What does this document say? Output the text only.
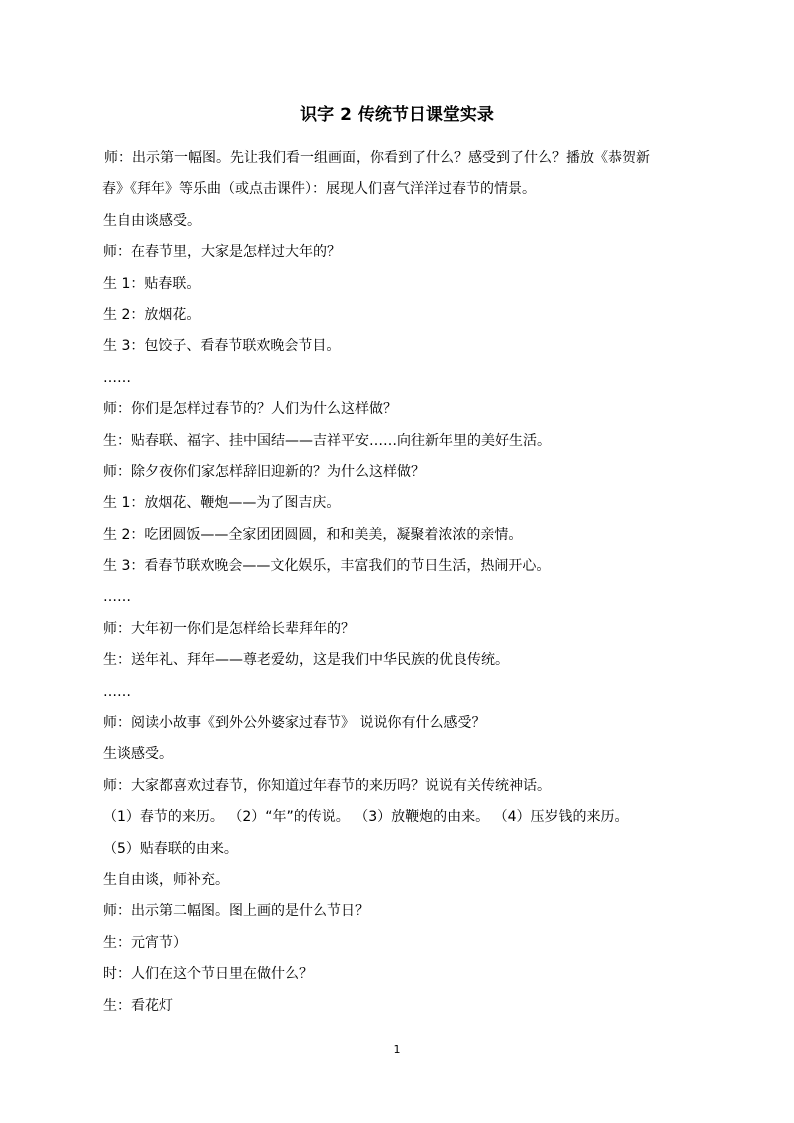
识字 2 传统节日课堂实录
师：出示第一幅图。先让我们看一组画面，你看到了什么？感受到了什么？播放《恭贺新
春》《拜年》等乐曲（或点击课件）：展现人们喜气洋洋过春节的情景。
生自由谈感受。
师：在春节里，大家是怎样过大年的？
生 1：贴春联。
生 2：放烟花。
生 3：包饺子、看春节联欢晚会节目。
……
师：你们是怎样过春节的？人们为什么这样做？
生：贴春联、福字、挂中国结——吉祥平安……向往新年里的美好生活。
师：除夕夜你们家怎样辞旧迎新的？为什么这样做？
生 1：放烟花、鞭炮——为了图吉庆。
生 2：吃团圆饭——全家团团圆圆，和和美美，凝聚着浓浓的亲情。
生 3：看春节联欢晚会——文化娱乐，丰富我们的节日生活，热闹开心。
……
师：大年初一你们是怎样给长辈拜年的？
生：送年礼、拜年——尊老爱幼，这是我们中华民族的优良传统。
……
师：阅读小故事《到外公外婆家过春节》 说说你有什么感受？
生谈感受。
师：大家都喜欢过春节，你知道过年春节的来历吗？说说有关传统神话。
（1）春节的来历。 （2）“年”的传说。 （3）放鞭炮的由来。 （4）压岁钱的来历。
（5）贴春联的由来。
生自由谈，师补充。
师：出示第二幅图。图上画的是什么节日？
生：元宵节）
时：人们在这个节日里在做什么？
生：看花灯
1
